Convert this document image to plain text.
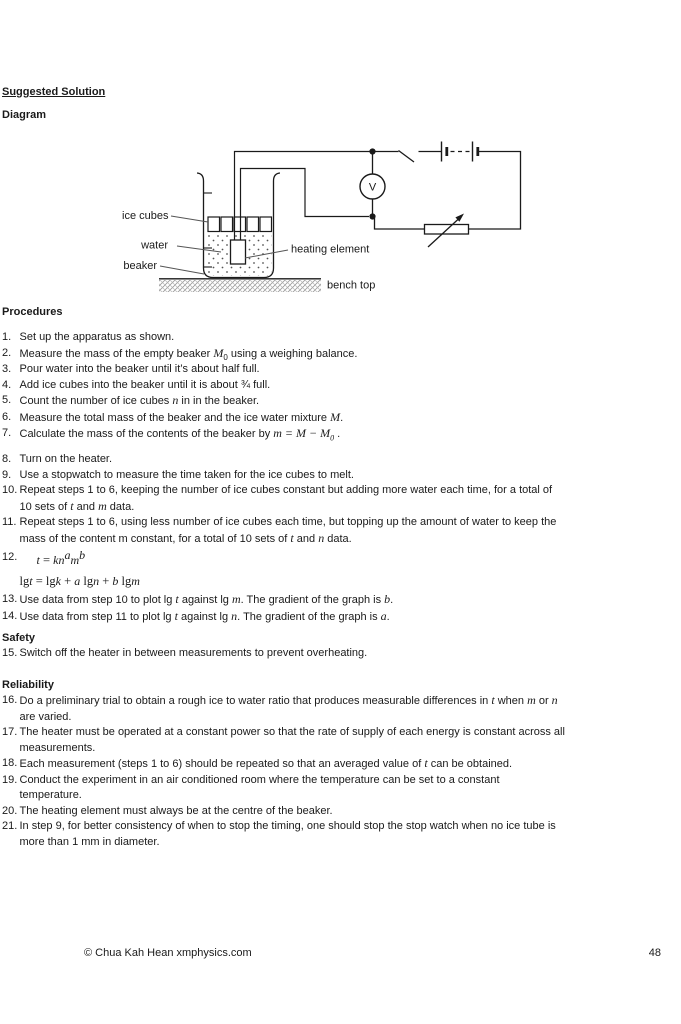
Suggested Solution
Diagram
V
ice cubes
water
beaker
heating element
bench top
Procedures
1. Set up the apparatus as shown.
2. Measure the mass of the empty beaker $M_0$ using a weighing balance.
3. Pour water into the beaker until it’s about half full.
4. Add ice cubes into the beaker until it is about ¾ full.
5. Count the number of ice cubes n in in the beaker.
6. Measure the total mass of the beaker and the ice water mixture M.
7. Calculate the mass of the contents of the beaker by $m = M - M_0$ .
8. Turn on the heater.
9. Use a stopwatch to measure the time taken for the ice cubes to melt.
10. Repeat steps 1 to 6, keeping the number of ice cubes constant but adding more water each time, for a total of
10 sets of t and m data.
11. Repeat steps 1 to 6, using less number of ice cubes each time, but topping up the amount of water to keep the
mass of the content m constant, for a total of 10 sets of t and n data.
12.	$t = kn^am^b$
lgt = lgk + a lgn + b lgm
13. Use data from step 10 to plot lg t against lg m. The gradient of the graph is b.
14. Use data from step 11 to plot lg t against lg n. The gradient of the graph is a.
Safety
15. Switch off the heater in between measurements to prevent overheating.
Reliability
16. Do a preliminary trial to obtain a rough ice to water ratio that produces measurable differences in t when m or n
are varied.
17. The heater must be operated at a constant power so that the rate of supply of each energy is constant across all
measurements.
18. Each measurement (steps 1 to 6) should be repeated so that an averaged value of t can be obtained.
19. Conduct the experiment in an air conditioned room where the temperature can be set to a constant
temperature.
20. The heating element must always be at the centre of the beaker.
21. In step 9, for better consistency of when to stop the timing, one should stop the stop watch when no ice tube is
more than 1 mm in diameter.
© Chua Kah Hean xmphysics.com	48
